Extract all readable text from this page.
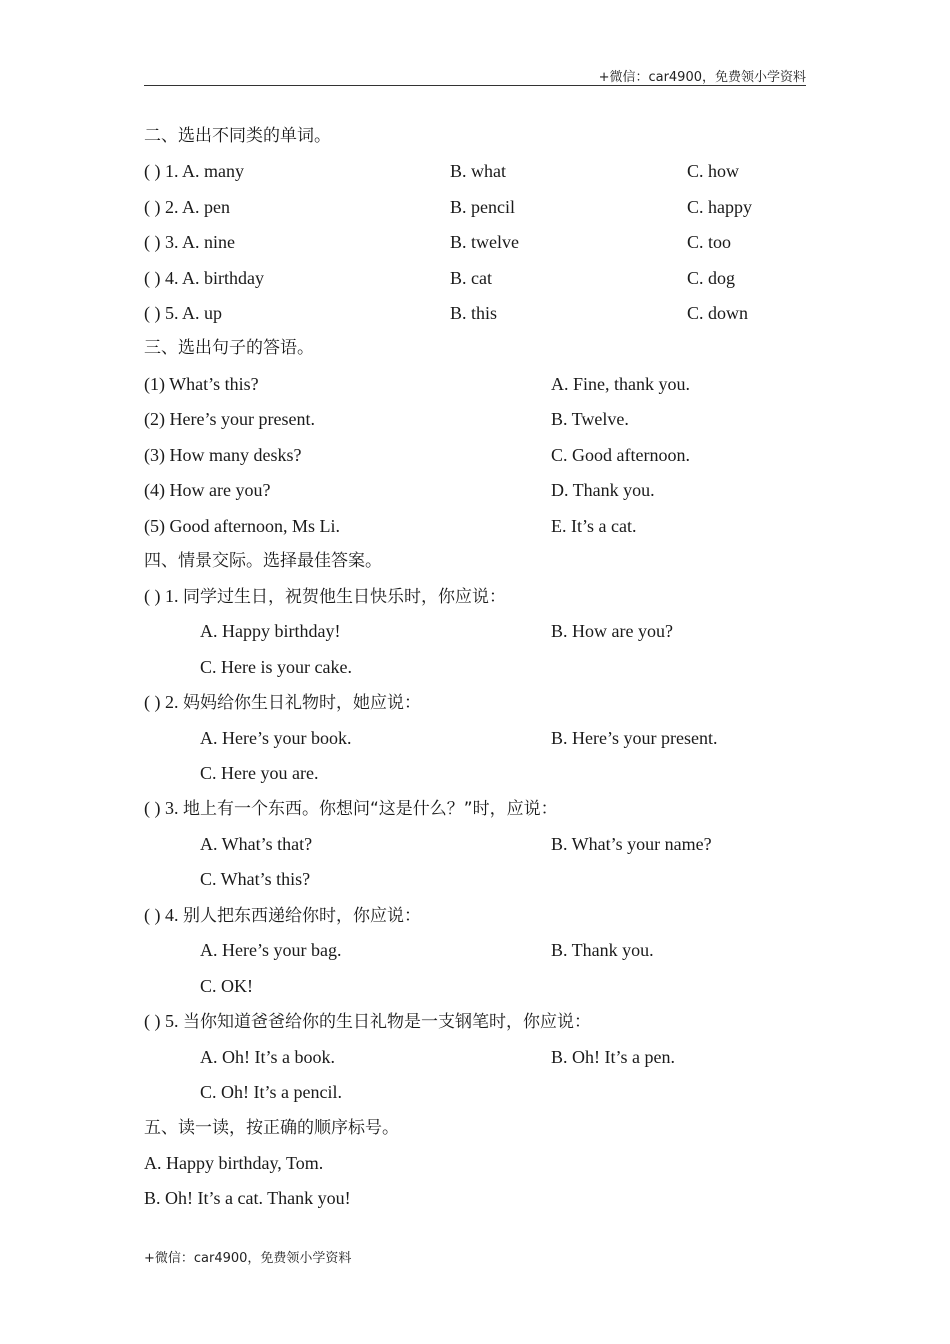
+微信：car4900，免费领小学资料
二、选出不同类的单词。
( ) 1. A. many	B. what	C. how
( ) 2. A. pen	B. pencil	C. happy
( ) 3. A. nine	B. twelve	C. too
( ) 4. A. birthday	B. cat	C. dog
( ) 5. A. up	B. this	C. down
三、选出句子的答语。
(1) What’s this?	A. Fine, thank you.
(2) Here’s your present.	B. Twelve.
(3) How many desks?	C. Good afternoon.
(4) How are you?	D. Thank you.
(5) Good afternoon, Ms Li.	E. It’s a cat.
四、情景交际。选择最佳答案。
( ) 1. 同学过生日，祝贺他生日快乐时，你应说：
A. Happy birthday!	B. How are you?
C. Here is your cake.
( ) 2. 妈妈给你生日礼物时，她应说：
A. Here’s your book.	B. Here’s your present.
C. Here you are.
( ) 3. 地上有一个东西。你想问“这是什么？”时，应说：
A. What’s that?	B. What’s your name?
C. What’s this?
( ) 4. 别人把东西递给你时，你应说：
A. Here’s your bag.	B. Thank you.
C. OK!
( ) 5. 当你知道爸爸给你的生日礼物是一支钢笔时，你应说：
A. Oh! It’s a book.	B. Oh! It’s a pen.
C. Oh! It’s a pencil.
五、读一读，按正确的顺序标号。
A. Happy birthday, Tom.
B. Oh! It’s a cat. Thank you!
+微信：car4900，免费领小学资料
